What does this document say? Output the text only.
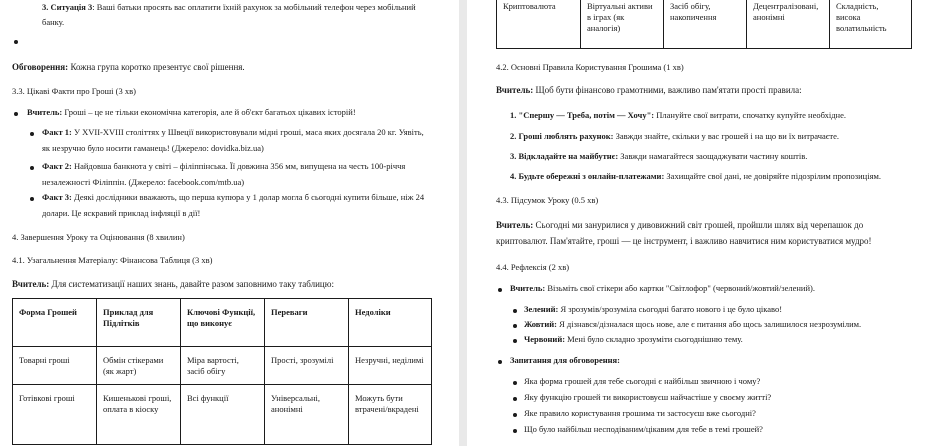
3. Ситуація 3: Ваші батьки просять вас оплатити їхній рахунок за мобільний телефон через мобільний
банку.
Обговорення: Кожна група коротко презентує свої рішення.
3.3. Цікаві Факти про Гроші (3 хв)
Вчитель: Гроші – це не тільки економічна категорія, але й об'єкт багатьох цікавих історій!
Факт 1: У XVII-XVIII століттях у Швеції використовували мідні гроші, маса яких досягала 20 кг. Уявіть,
як незручно було носити гаманець! (Джерело: dovidka.biz.ua)
Факт 2: Найдовша банкнота у світі – філіппінська. Її довжина 356 мм, випущена на честь 100-річчя
незалежності Філіппін. (Джерело: facebook.com/mtb.ua)
Факт 3: Деякі дослідники вважають, що перша купюра у 1 долар могла б сьогодні купити більше, ніж 24
долари. Це яскравий приклад інфляції в дії!
4. Завершення Уроку та Оцінювання (8 хвилин)
4.1. Узагальнення Матеріалу: Фінансова Таблиця (3 хв)
Вчитель: Для систематизації наших знань, давайте разом заповнимо таку таблицю:
Форма Грошей	Приклад для Підлітків	Ключові Функції, що виконує	Переваги	Недоліки
Товарні гроші	Обмін стікерами (як жарт)	Міра вартості, засіб обігу	Прості, зрозумілі	Незручні, неділимі
Готівкові гроші	Кишенькові гроші, оплата в кіоску	Всі функції	Універсальні, анонімні	Можуть бути втрачені/вкрадені
Криптовалюта	Віртуальні активи в іграх (як аналогія)	Засіб обігу, накопичення	Децентралізовані, анонімні	Складність, висока волатильність
4.2. Основні Правила Користування Грошима (1 хв)
Вчитель: Щоб бути фінансово грамотними, важливо пам'ятати прості правила:
1. "Спершу — Треба, потім — Хочу": Плануйте свої витрати, спочатку купуйте необхідне.
2. Гроші люблять рахунок: Завжди знайте, скільки у вас грошей і на що ви їх витрачаєте.
3. Відкладайте на майбутнє: Завжди намагайтеся заощаджувати частину коштів.
4. Будьте обережні з онлайн-платежами: Захищайте свої дані, не довіряйте підозрілим пропозиціям.
4.3. Підсумок Уроку (0.5 хв)
Вчитель: Сьогодні ми занурилися у дивовижний світ грошей, пройшли шлях від черепашок до
криптовалют. Пам'ятайте, гроші — це інструмент, і важливо навчитися ним користуватися мудро!
4.4. Рефлексія (2 хв)
Вчитель: Візьміть свої стікери або картки "Світлофор" (червоний/жовтий/зелений).
Зелений: Я зрозумів/зрозуміла сьогодні багато нового і це було цікаво!
Жовтий: Я дізнався/дізналася щось нове, але є питання або щось залишилося незрозумілим.
Червоний: Мені було складно зрозуміти сьогоднішню тему.
Запитання для обговорення:
Яка форма грошей для тебе сьогодні є найбільш звичною і чому?
Яку функцію грошей ти використовуєш найчастіше у своєму житті?
Яке правило користування грошима ти застосуєш вже сьогодні?
Що було найбільш несподіваним/цікавим для тебе в темі грошей?
